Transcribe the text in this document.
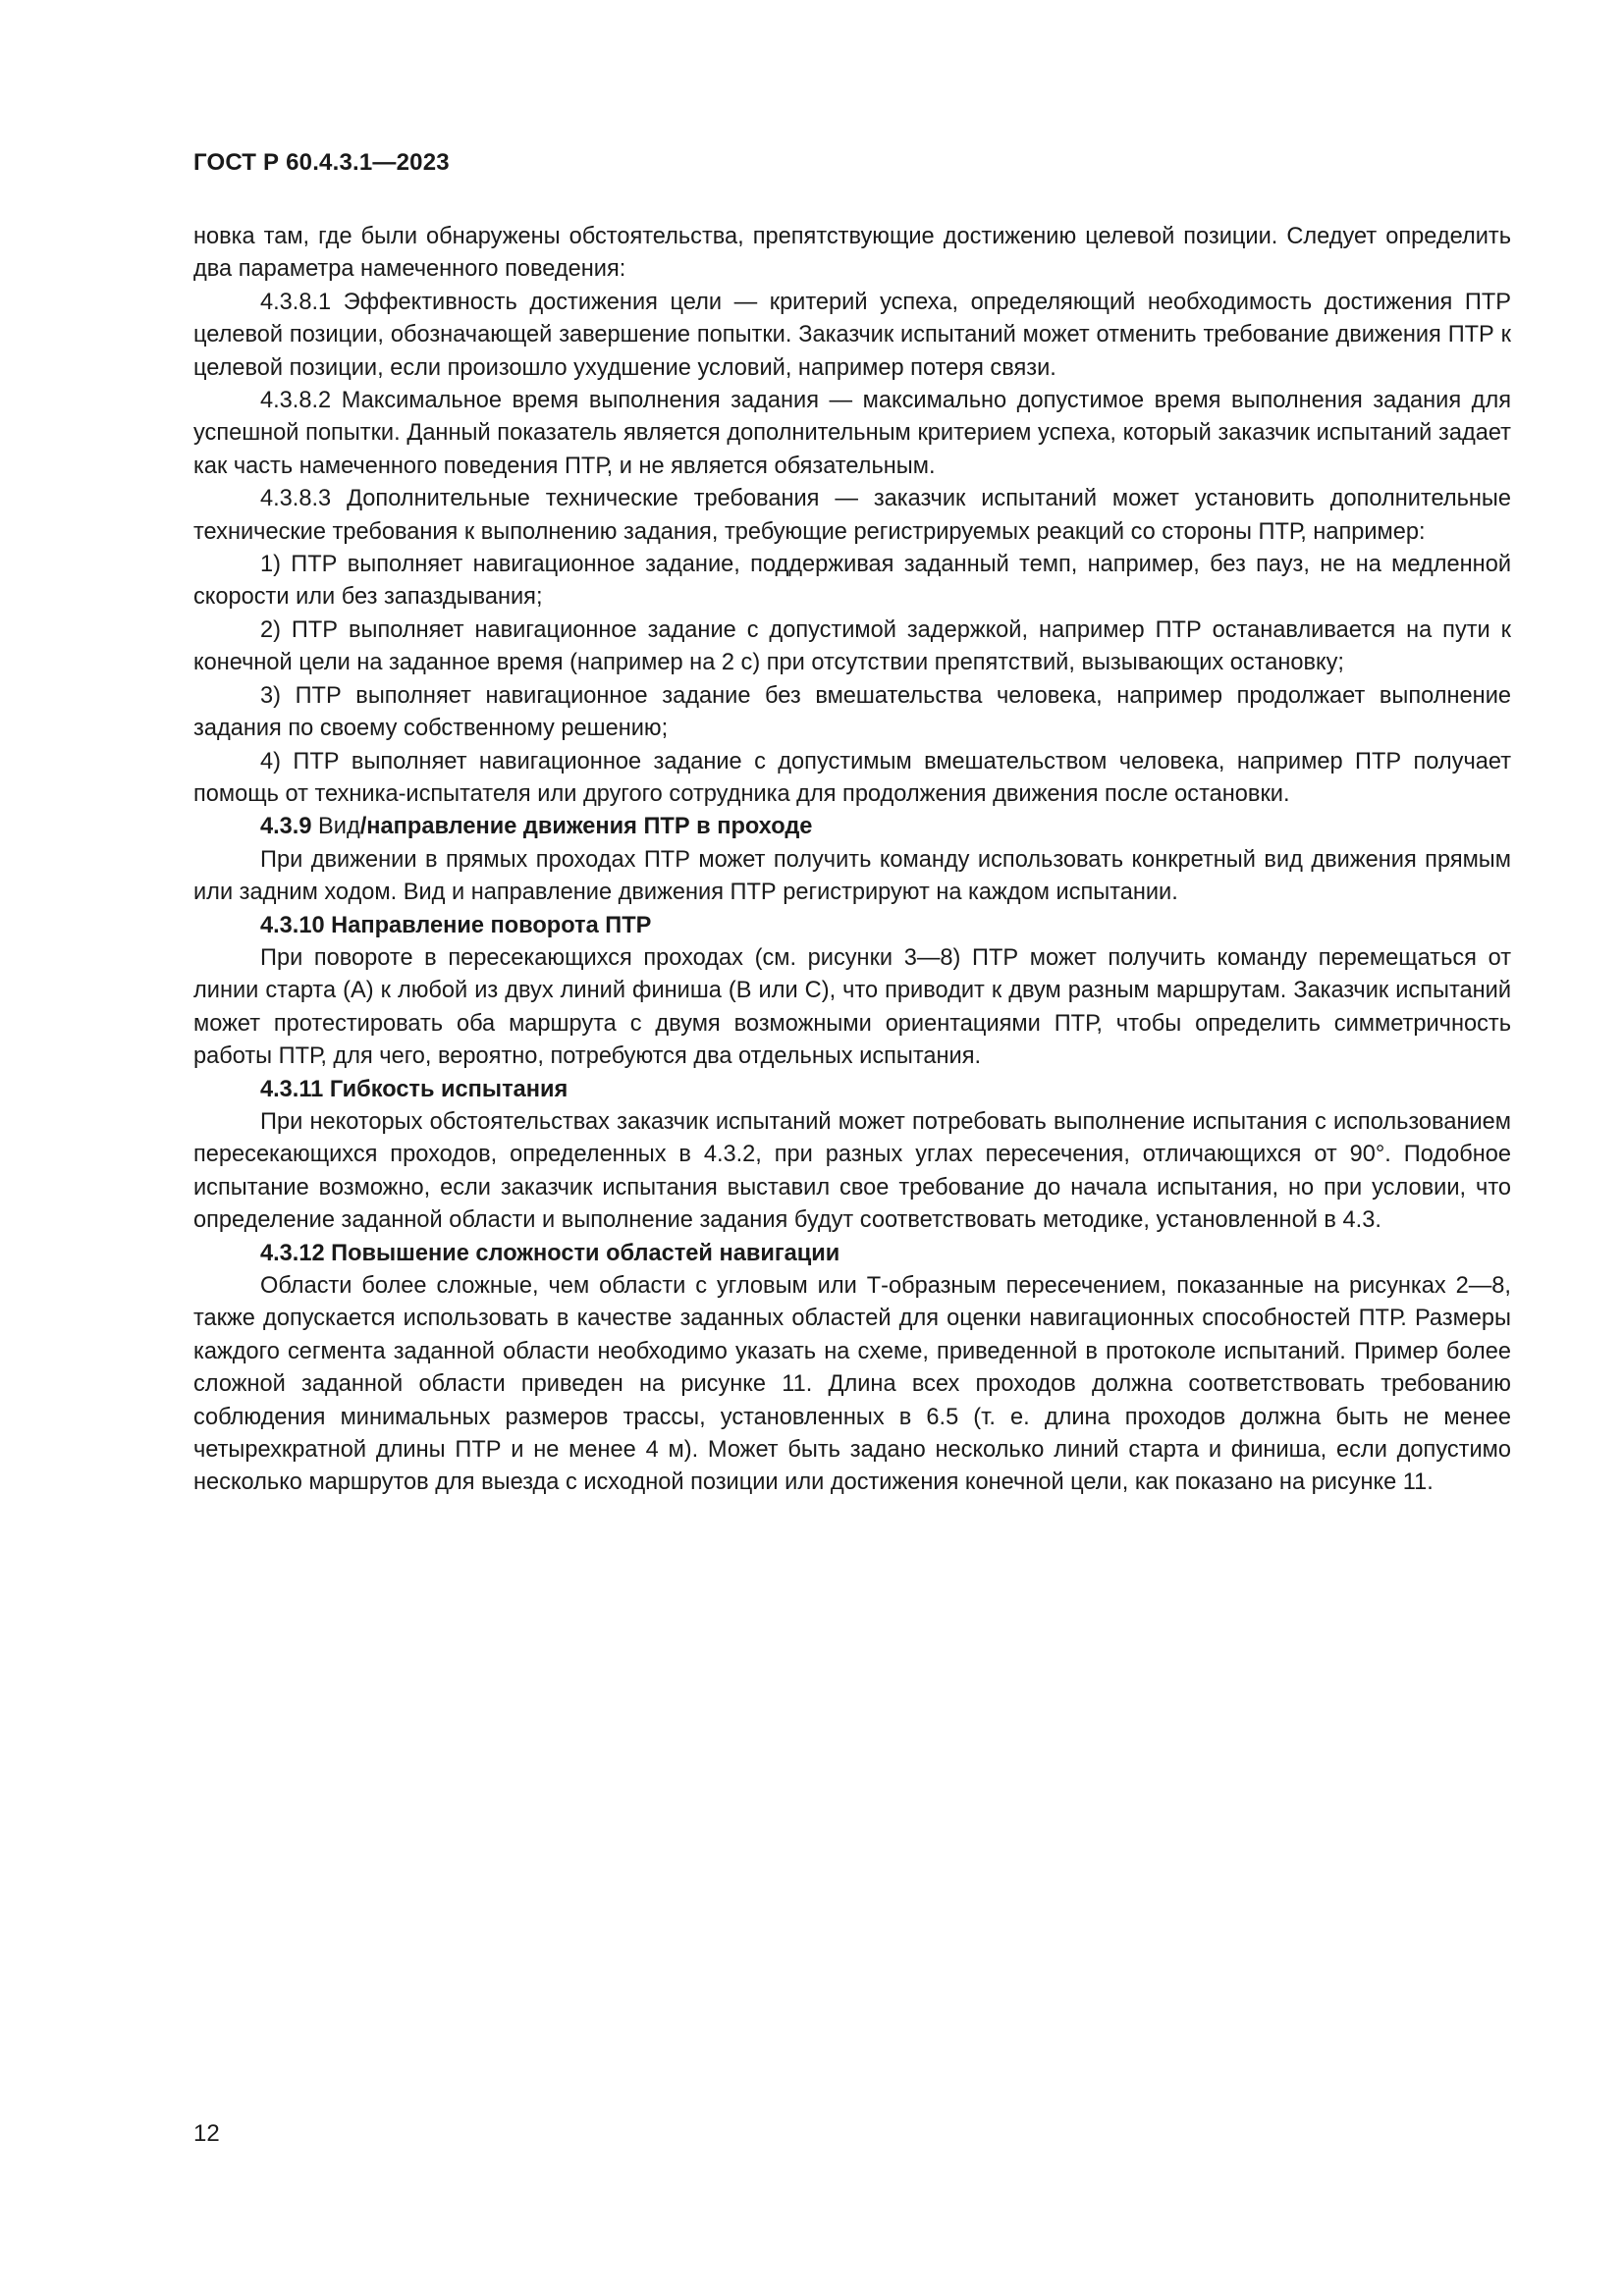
ГОСТ Р 60.4.3.1—2023

новка там, где были обнаружены обстоятельства, препятствующие достижению целевой позиции. Следует определить два параметра намеченного поведения:

4.3.8.1 Эффективность достижения цели — критерий успеха, определяющий необходимость достижения ПТР целевой позиции, обозначающей завершение попытки. Заказчик испытаний может отменить требование движения ПТР к целевой позиции, если произошло ухудшение условий, например потеря связи.

4.3.8.2 Максимальное время выполнения задания — максимально допустимое время выполнения задания для успешной попытки. Данный показатель является дополнительным критерием успеха, который заказчик испытаний задает как часть намеченного поведения ПТР, и не является обязательным.

4.3.8.3 Дополнительные технические требования — заказчик испытаний может установить дополнительные технические требования к выполнению задания, требующие регистрируемых реакций со стороны ПТР, например:

1) ПТР выполняет навигационное задание, поддерживая заданный темп, например, без пауз, не на медленной скорости или без запаздывания;

2) ПТР выполняет навигационное задание с допустимой задержкой, например ПТР останавливается на пути к конечной цели на заданное время (например на 2 с) при отсутствии препятствий, вызывающих остановку;

3) ПТР выполняет навигационное задание без вмешательства человека, например продолжает выполнение задания по своему собственному решению;

4) ПТР выполняет навигационное задание с допустимым вмешательством человека, например ПТР получает помощь от техника-испытателя или другого сотрудника для продолжения движения после остановки.

4.3.9 Вид/направление движения ПТР в проходе

При движении в прямых проходах ПТР может получить команду использовать конкретный вид движения прямым или задним ходом. Вид и направление движения ПТР регистрируют на каждом испытании.

4.3.10 Направление поворота ПТР

При повороте в пересекающихся проходах (см. рисунки 3—8) ПТР может получить команду перемещаться от линии старта (А) к любой из двух линий финиша (В или С), что приводит к двум разным маршрутам. Заказчик испытаний может протестировать оба маршрута с двумя возможными ориентациями ПТР, чтобы определить симметричность работы ПТР, для чего, вероятно, потребуются два отдельных испытания.

4.3.11 Гибкость испытания

При некоторых обстоятельствах заказчик испытаний может потребовать выполнение испытания с использованием пересекающихся проходов, определенных в 4.3.2, при разных углах пересечения, отличающихся от 90°. Подобное испытание возможно, если заказчик испытания выставил свое требование до начала испытания, но при условии, что определение заданной области и выполнение задания будут соответствовать методике, установленной в 4.3.

4.3.12 Повышение сложности областей навигации

Области более сложные, чем области с угловым или Т-образным пересечением, показанные на рисунках 2—8, также допускается использовать в качестве заданных областей для оценки навигационных способностей ПТР. Размеры каждого сегмента заданной области необходимо указать на схеме, приведенной в протоколе испытаний. Пример более сложной заданной области приведен на рисунке 11. Длина всех проходов должна соответствовать требованию соблюдения минимальных размеров трассы, установленных в 6.5 (т. е. длина проходов должна быть не менее четырехкратной длины ПТР и не менее 4 м). Может быть задано несколько линий старта и финиша, если допустимо несколько маршрутов для выезда с исходной позиции или достижения конечной цели, как показано на рисунке 11.

12
